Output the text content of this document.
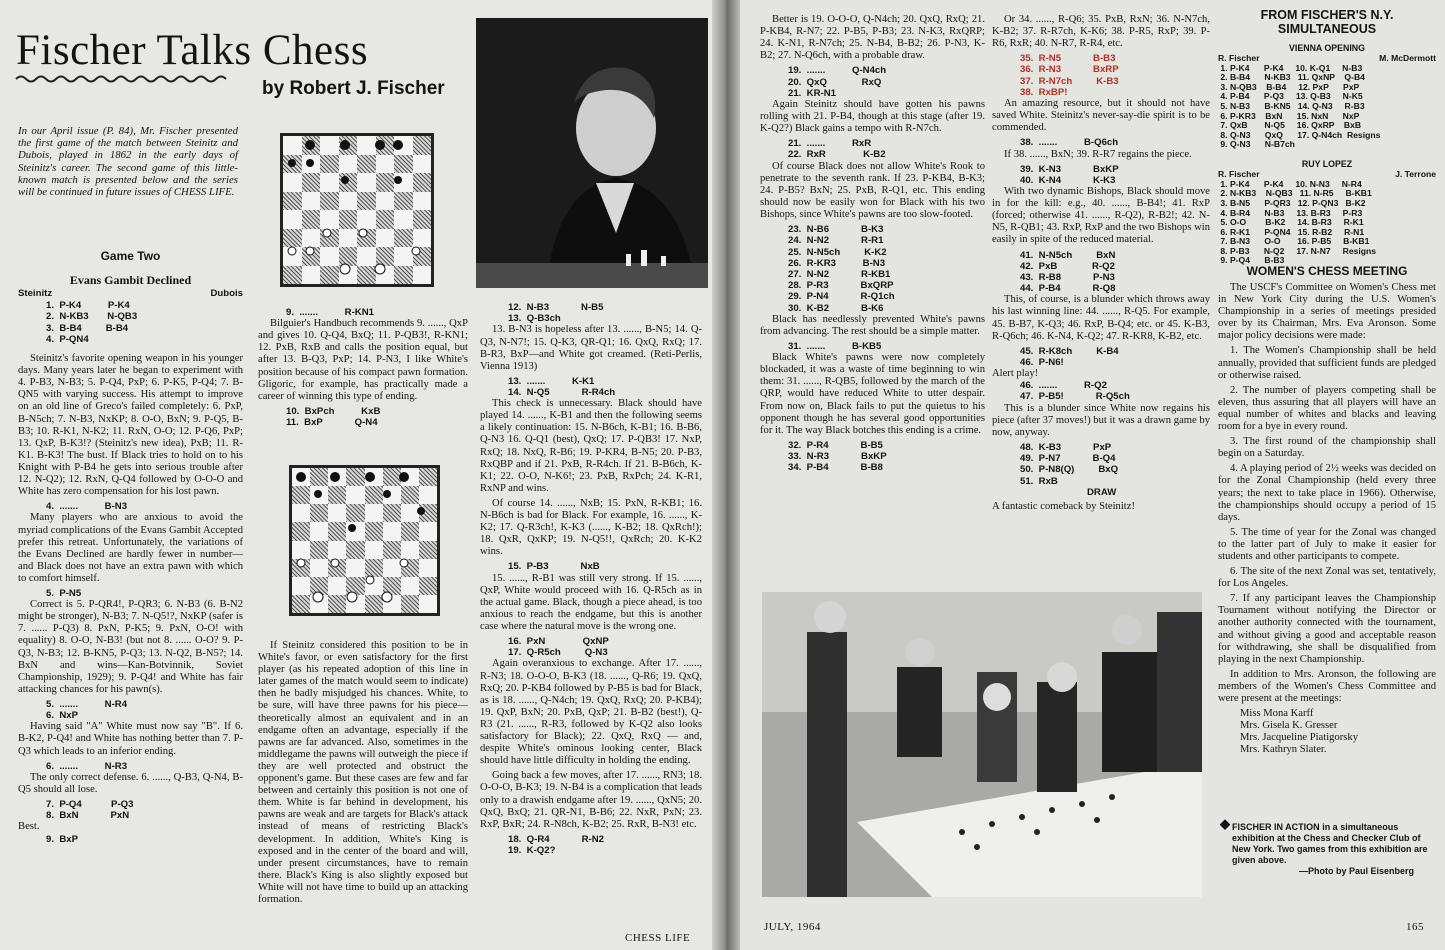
Fischer Talks Chess
by Robert J. Fischer
In our April issue (P. 84), Mr. Fischer presented the first game of the match between Steinitz and Dubois, played in 1862 in the early days of Steinitz's career. The second game of this little-known match is presented below and the series will be continued in future issues of CHESS LIFE.
Game Two
Evans Gambit Declined
Steinitz	Dubois
1.  P-K4          P-K4
2.  N-KB3       N-QB3
3.  B-B4         B-B4
4.  P-QN4

Steinitz's favorite opening weapon in his younger days. Many years later he began to experiment with 4. P-B3, N-B3; 5. P-Q4, PxP; 6. P-K5, P-Q4; 7. B-QN5 with varying success. His attempt to improve on an old line of Greco's failed completely: 6. PxP, B-N5ch; 7. N-B3, NxKP; 8. O-O, BxN; 9. P-Q5, B-B3; 10. R-K1, N-K2; 11. RxN, O-O; 12. P-Q6, PxP; 13. QxP, B-K3!? (Steinitz's new idea), PxB; 11. R-K1. B-K3! The bust. If Black tries to hold on to his Knight with P-B4 he gets into serious trouble after 12. N-Q2); 12. RxN, Q-Q4 followed by O-O-O and White has zero compensation for his lost pawn.

4.  .......          B-N3

Many players who are anxious to avoid the myriad complications of the Evans Gambit Accepted prefer this retreat. Unfortunately, the variations of the Evans Declined are hardly fewer in number—and Black does not have an extra pawn with which to comfort himself.

5.  P-N5

Correct is 5. P-QR4!, P-QR3; 6. N-B3 (6. B-N2 might be stronger), N-B3; 7. N-Q5!?, NxKP (safer is 7. ...... P-Q3) 8. PxN, P-K5; 9. PxN, O-O! with equality) 8. O-O, N-B3! (but not 8. ...... O-O? 9. P-Q3, N-B3; 12. B-KN5, P-Q3; 13. N-Q2, B-N5?; 14. BxN and wins—Kan-Botvinnik, Soviet Championship, 1929); 9. P-Q4! and White has fair attacking chances for his pawn(s).

5.  .......          N-R4
6.  NxP

Having said "A" White must now say "B". If 6. B-K2, P-Q4! and White has nothing better than 7. P-Q3 which leads to an inferior ending.

6.  .......          N-R3

The only correct defense. 6. ......, Q-B3, Q-N4, B-Q5 should all lose.

7.  P-Q4           P-Q3
8.  BxN            PxN
Best.
9.  BxP
9.  .......          R-KN1

Bilguier's Handbuch recommends 9. ......, QxP and gives 10. Q-Q4, BxQ; 11. P-QB3!, R-KN1; 12. PxB, RxB and calls the position equal, but after 13. B-Q3, PxP; 14. P-N3, I like White's position because of his compact pawn formation. Gligoric, for example, has practically made a career of winning this type of ending.

10.  BxPch          KxB
11.  BxP            Q-N4

If Steinitz considered this position to be in White's favor, or even satisfactory for the first player (as his repeated adoption of this line in later games of the match would seem to indicate) then he badly misjudged his chances. White, to be sure, will have three pawns for his piece—theoretically almost an equivalent and in an endgame often an advantage, especially if the pawns are far advanced. Also, sometimes in the middlegame the pawns will outweigh the piece if they are well protected and obstruct the opponent's game. But these cases are few and far between and certainly this position is not one of them. White is far behind in development, his pawns are weak and are targets for Black's attack instead of means of restricting Black's development. In addition, White's King is exposed and in the center of the board and will, under present circumstances, have to remain there. Black's King is also slightly exposed but White will not have time to build up an attacking formation.

12.  N-B3            N-B5
13.  Q-B3ch

13. B-N3 is hopeless after 13. ......, B-N5; 14. Q-Q3, N-N7!; 15. Q-K3, QR-Q1; 16. QxQ, RxQ; 17. B-R3, BxP—and White got creamed. (Reti-Perlis, Vienna 1913)

13.  .......          K-K1
14.  N-Q5            R-R4ch

This check is unnecessary. Black should have played 14. ......, K-B1 and then the following seems a likely continuation: 15. N-B6ch, K-B1; 16. B-B6, Q-N3 16. Q-Q1 (best), QxQ; 17. P-QB3! 17. NxP, RxQ; 18. NxQ, R-B6; 19. P-KR4, B-N5; 20. P-B3, RxQBP and if 21. PxB, R-R4ch. If 21. B-B6ch, K-K1; 22. O-O, N-K6!; 23. PxB, RxPch; 24. K-R1, RxNP and wins.

Of course 14. ......, NxB; 15. PxN, R-KB1; 16. N-B6ch is bad for Black. For example, 16. ......, K-K2; 17. Q-R3ch!, K-K3 (......, K-B2; 18. QxRch!); 18. QxR, QxKP; 19. N-Q5!!, QxRch; 20. K-K2 wins.

15.  P-B3            NxB

15. ......, R-B1 was still very strong. If 15. ......, QxP, White would proceed with 16. Q-R5ch as in the actual game. Black, though a piece ahead, is too anxious to reach the endgame, but this is another case where the natural move is the wrong one.

16.  PxN              QxNP
17.  Q-R5ch         Q-N3

Again overanxious to exchange. After 17. ......, R-N3; 18. O-O-O, B-K3 (18. ......, Q-R6; 19. QxQ, RxQ; 20. P-KB4 followed by P-B5 is bad for Black, as is 18. ......, Q-N4ch; 19. QxQ, RxQ; 20. P-KB4); 19. QxP, BxN; 20. PxB, QxP; 21. B-B2 (best!), Q-R3 (21. ......, R-R3, followed by K-Q2 also looks satisfactory for Black); 22. QxQ, RxQ — and, despite White's ominous looking center, Black should have little difficulty in holding the ending.

Going back a few moves, after 17. ......, RN3; 18. O-O-O, B-K3; 19. N-B4 is a complication that leads only to a drawish endgame after 19. ......, QxN5; 20. QxQ, BxQ; 21. QR-N1, B-B6; 22. NxR, PxN; 23. RxP, BxR; 24. R-N8ch, K-B2; 25. RxR, B-N3! etc.

18.  Q-R4            R-N2
19.  K-Q2?
CHESS LIFE

Better is 19. O-O-O, Q-N4ch; 20. QxQ, RxQ; 21. P-KB4, R-N7; 22. P-B5, P-B3; 23. N-K3, RxQRP; 24. K-N1, R-N7ch; 25. N-B4, B-B2; 26. P-N3, K-B2; 27. N-Q6ch, with a probable draw.

19.  .......          Q-N4ch
20.  QxQ             RxQ
21.  KR-N1

Again Steinitz should have gotten his pawns rolling with 21. P-B4, though at this stage (after 19. K-Q2?) Black gains a tempo with R-N7ch.

21.  .......          RxR
22.  RxR              K-B2

Of course Black does not allow White's Rook to penetrate to the seventh rank. If 23. P-KB4, B-K3; 24. P-B5? BxN; 25. PxB, R-Q1, etc. This ending should now be easily won for Black with his two Bishops, since White's pawns are too slow-footed.

23.  N-B6            B-K3
24.  N-N2            R-R1
25.  N-N5ch         K-K2
26.  R-KR3          B-N3
27.  N-N2            R-KB1
28.  P-R3            BxQRP
29.  P-N4            R-Q1ch
30.  K-B2            B-K6

Black has needlessly prevented White's pawns from advancing. The rest should be a simple matter.

31.  .......          B-KB5

Black White's pawns were now completely blockaded, it was a waste of time beginning to win them: 31. ......, R-QB5, followed by the march of the QRP, would have reduced White to utter despair. From now on, Black fails to put the quietus to his opponent though he has several good opportunities for it. The way Black botches this ending is a crime.

32.  P-R4            B-B5
33.  N-R3            BxKP
34.  P-B4            B-B8

Or 34. ......, R-Q6; 35. PxB, RxN; 36. N-N7ch, K-B2; 37. R-R7ch, K-K6; 38. P-R5, RxP; 39. P-R6, RxR; 40. N-R7, R-R4, etc.

35.  R-N5            B-B3
36.  R-N3            BxRP
37.  R-N7ch         K-B3
38.  RxBP!

An amazing resource, but it should not have saved White. Steinitz's never-say-die spirit is to be commended.

38.  .......          B-Q6ch

If 38. ......, BxN; 39. R-R7 regains the piece.

39.  K-N3            BxKP
40.  K-N4            K-K3

With two dynamic Bishops, Black should move in for the kill: e.g., 40. ......, B-B4!; 41. RxP (forced; otherwise 41. ......, R-Q2), R-B2!; 42. N-N5, R-QB1; 43. RxP, RxP and the two Bishops win easily in spite of the reduced material.

41.  N-N5ch         BxN
42.  PxB             R-Q2
43.  R-B8            P-N3
44.  P-B4            R-Q8

This, of course, is a blunder which throws away his last winning line: 44. ......, R-Q5. For example, 45. B-B7, K-Q3; 46. RxP, B-Q4; etc. or 45. K-B3, R-Q6ch; 46. K-N4, K-Q2; 47. R-KR8, K-B2, etc.

45.  R-K8ch         K-B4
46.  P-N6!
Alert play!
46.  .......          R-Q2
47.  P-B5!            R-Q5ch

This is a blunder since White now regains his piece (after 37 moves!) but it was a drawn game by now, anyway.

48.  K-B3            PxP
49.  P-N7            B-Q4
50.  P-N8(Q)         BxQ
51.  RxB
DRAW
A fantastic comeback by Steinitz!
JULY, 1964
FROM FISCHER'S N.Y. SIMULTANEOUS
VIENNA OPENING
R. Fischer	M. McDermott
1. P-K4      P-K4     10. K-Q1     N-B3
2. B-B4      N-KB3   11. QxNP    Q-B4
3. N-QB3    B-B4     12. PxP      PxP
4. P-B4      P-Q3     13. Q-B3     N-K5
5. N-B3      B-KN5   14. Q-N3     R-B3
6. P-KR3    BxN      15. NxN      NxP
7. QxB       N-Q5     16. QxRP    BxB
8. Q-N3      QxQ      17. Q-N4ch  Resigns
9. Q-N3      N-B7ch
RUY LOPEZ
R. Fischer	J. Terrone
1. P-K4      P-K4     10. N-N3     N-R4
2. N-KB3    N-QB3   11. N-R5     B-KB1
3. B-N5      P-QR3   12. P-QN3   B-K2
4. B-R4      N-B3     13. B-R3     P-R3
5. O-O        B-K2     14. B-R3     R-K1
6. R-K1      P-QN4   15. R-B2     R-N1
7. B-N3      O-O       16. P-B5     B-KB1
8. P-B3      N-Q2     17. N-N7     Resigns
9. P-Q4      B-B3
WOMEN'S CHESS MEETING

The USCF's Committee on Women's Chess met in New York City during the U.S. Women's Championship in a series of meetings presided over by its Chairman, Mrs. Eva Aronson. Some major policy decisions were made:

1. The Women's Championship shall be held annually, provided that sufficient funds are pledged or otherwise raised.

2. The number of players competing shall be eleven, thus assuring that all players will have an equal number of whites and blacks and leaving room for a bye in every round.

3. The first round of the championship shall begin on a Saturday.

4. A playing period of 2½ weeks was decided on for the Zonal Championship (held every three years; the next to take place in 1966). Otherwise, the championships should occupy a period of 15 days.

5. The time of year for the Zonal was changed to the latter part of July to make it easier for students and other participants to compete.

6. The site of the next Zonal was set, tentatively, for Los Angeles.

7. If any participant leaves the Championship Tournament without notifying the Director or another authority connected with the tournament, and without giving a good and acceptable reason for withdrawing, she shall be disqualified from playing in the next Championship.

In addition to Mrs. Aronson, the following are members of the Women's Chess Committee and were present at the meetings:

Miss Mona Karff
Mrs. Gisela K. Gresser
Mrs. Jacqueline Piatigorsky
Mrs. Kathryn Slater.
◆ FISCHER IN ACTION in a simultaneous exhibition at the Chess and Checker Club of New York. Two games from this exhibition are given above.
—Photo by Paul Eisenberg
165
